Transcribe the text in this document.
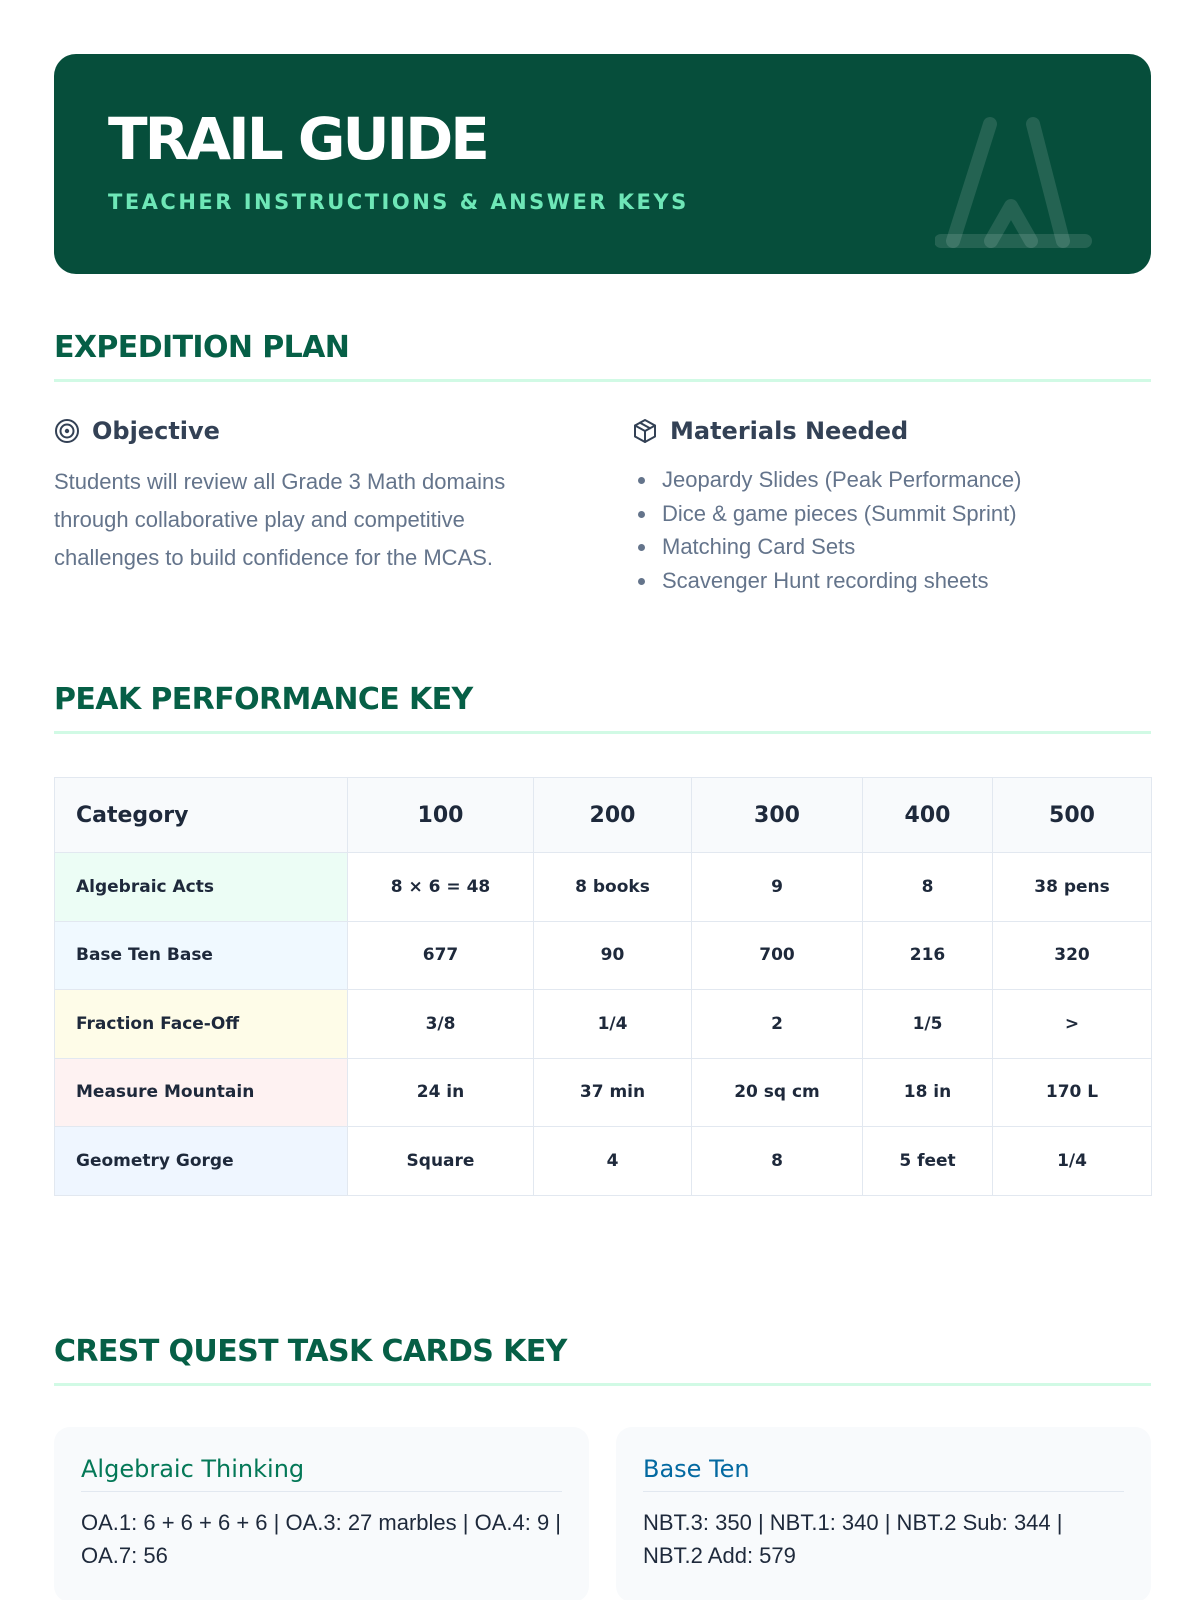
TRAIL GUIDE
TEACHER INSTRUCTIONS & ANSWER KEYS
EXPEDITION PLAN
Objective
Students will review all Grade 3 Math domains through collaborative play and competitive challenges to build confidence for the MCAS.
Materials Needed
Jeopardy Slides (Peak Performance)
Dice & game pieces (Summit Sprint)
Matching Card Sets
Scavenger Hunt recording sheets
PEAK PERFORMANCE KEY
Category	100	200	300	400	500
Algebraic Acts	8 × 6 = 48	8 books	9	8	38 pens
Base Ten Base	677	90	700	216	320
Fraction Face-Off	3/8	1/4	2	1/5	>
Measure Mountain	24 in	37 min	20 sq cm	18 in	170 L
Geometry Gorge	Square	4	8	5 feet	1/4
CREST QUEST TASK CARDS KEY
Algebraic Thinking
OA.1: 6 + 6 + 6 + 6 | OA.3: 27 marbles | OA.4: 9 | OA.7: 56
Base Ten
NBT.3: 350 | NBT.1: 340 | NBT.2 Sub: 344 | NBT.2 Add: 579
